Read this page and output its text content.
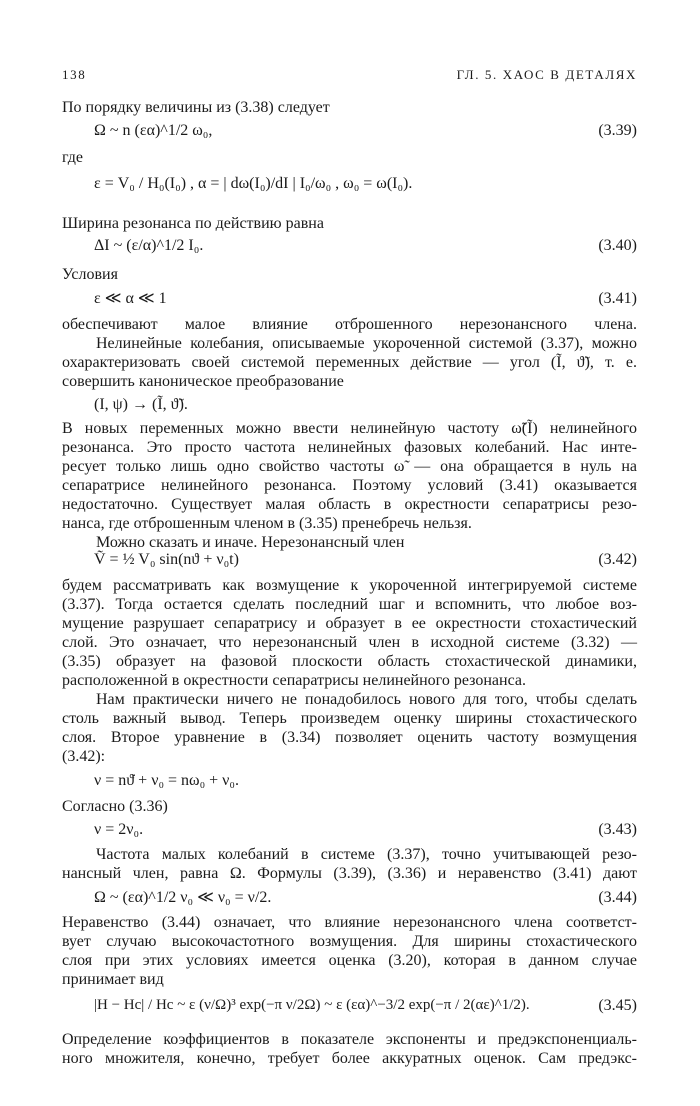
138	ГЛ. 5. ХАОС В ДЕТАЛЯХ
По порядку величины из (3.38) следует
Ω ~ n (εα)^1/2 ω₀,	(3.39)
где
ε = V₀ / H₀(I₀) , α = | dω(I₀)/dI | I₀/ω₀ , ω₀ = ω(I₀).
Ширина резонанса по действию равна
ΔI ~ (ε/α)^1/2 I₀.	(3.40)
Условия
ε ≪ α ≪ 1	(3.41)
обеспечивают малое влияние отброшенного нерезонансного члена.
Нелинейные колебания, описываемые укороченной системой (3.37), можно
охарактеризовать своей системой переменных действие — угол (Ĩ, ϑ̃), т. е.
совершить каноническое преобразование
(I, ψ) → (Ĩ, ϑ̃).
В новых переменных можно ввести нелинейную частоту ω̃(Ĩ) нелинейного
резонанса. Это просто частота нелинейных фазовых колебаний. Нас инте-
ресует только лишь одно свойство частоты ω̃ — она обращается в нуль на
сепаратрисе нелинейного резонанса. Поэтому условий (3.41) оказывается
недостаточно. Существует малая область в окрестности сепаратрисы резо-
нанса, где отброшенным членом в (3.35) пренебречь нельзя.
Можно сказать и иначе. Нерезонансный член
Ṽ = ½ V₀ sin(nϑ + ν₀t)	(3.42)
будем рассматривать как возмущение к укороченной интегрируемой системе
(3.37). Тогда остается сделать последний шаг и вспомнить, что любое воз-
мущение разрушает сепаратрису и образует в ее окрестности стохастический
слой. Это означает, что нерезонансный член в исходной системе (3.32) —
(3.35) образует на фазовой плоскости область стохастической динамики,
расположенной в окрестности сепаратрисы нелинейного резонанса.
Нам практически ничего не понадобилось нового для того, чтобы сделать
столь важный вывод. Теперь произведем оценку ширины стохастического
слоя. Второе уравнение в (3.34) позволяет оценить частоту возмущения
(3.42):
ν = nϑ̇ + ν₀ = nω₀ + ν₀.
Согласно (3.36)
ν = 2ν₀.	(3.43)
Частота малых колебаний в системе (3.37), точно учитывающей резо-
нансный член, равна Ω. Формулы (3.39), (3.36) и неравенство (3.41) дают
Ω ~ (εα)^1/2 ν₀ ≪ ν₀ = ν/2.	(3.44)
Неравенство (3.44) означает, что влияние нерезонансного члена соответст-
вует случаю высокочастотного возмущения. Для ширины стохастического
слоя при этих условиях имеется оценка (3.20), которая в данном случае
принимает вид
|H − Hc| / Hc ~ ε (ν/Ω)³ exp(−π ν/2Ω) ~ ε (εα)^−3/2 exp(−π / 2(αε)^1/2).	(3.45)
Определение коэффициентов в показателе экспоненты и предэкспоненциаль-
ного множителя, конечно, требует более аккуратных оценок. Сам предэкс-
